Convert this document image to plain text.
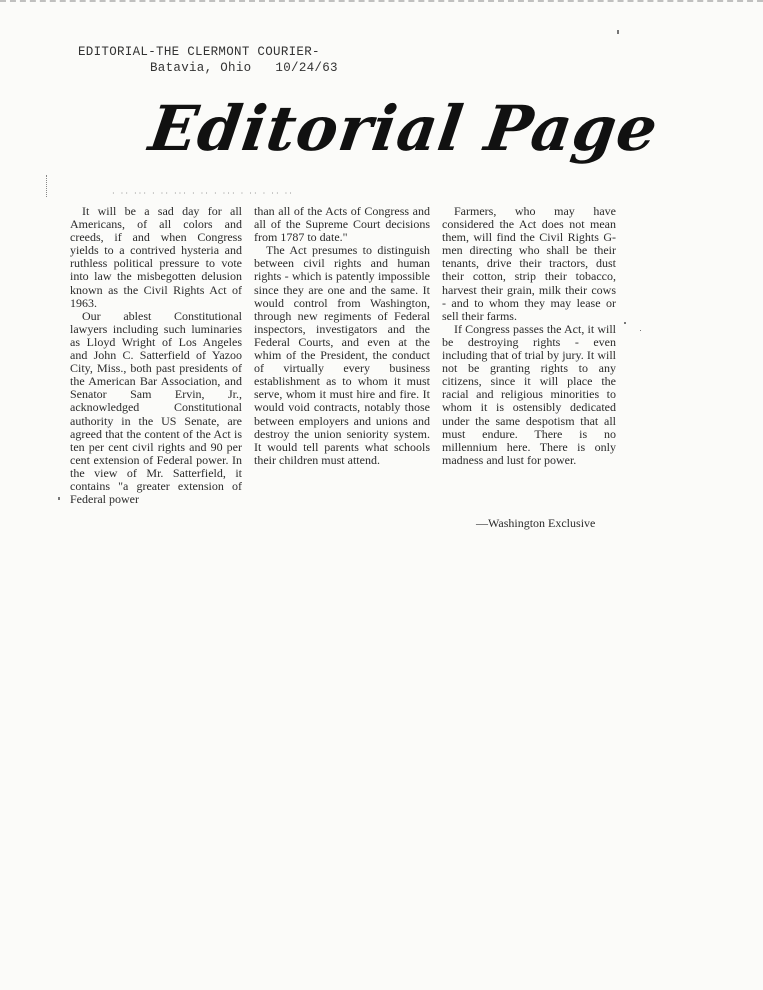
EDITORIAL-THE CLERMONT COURIER-
Batavia, Ohio 10/24/63
Editorial Page
· ·· ··· · ·· ··· · ·· · ··· · ·· · ·· ··

It will be a sad day for all Americans, of all colors and creeds, if and when Congress yields to a contrived hysteria and ruthless political pressure to vote into law the misbegotten delusion known as the Civil Rights Act of 1963.

Our ablest Constitutional lawyers including such luminaries as Lloyd Wright of Los Angeles and John C. Satterfield of Yazoo City, Miss., both past presidents of the American Bar Association, and Senator Sam Ervin, Jr., acknowledged Constitutional authority in the US Senate, are agreed that the content of the Act is ten per cent civil rights and 90 per cent extension of Federal power. In the view of Mr. Satterfield, it contains "a greater extension of Federal power

than all of the Acts of Congress and all of the Supreme Court decisions from 1787 to date."

The Act presumes to distinguish between civil rights and human rights - which is patently impossible since they are one and the same. It would control from Washington, through new regiments of Federal inspectors, investigators and the Federal Courts, and even at the whim of the President, the conduct of virtually every business establishment as to whom it must serve, whom it must hire and fire. It would void contracts, notably those between employers and unions and destroy the union seniority system. It would tell parents what schools their children must attend.

Farmers, who may have considered the Act does not mean them, will find the Civil Rights G-men directing who shall be their tenants, drive their tractors, dust their cotton, strip their tobacco, harvest their grain, milk their cows - and to whom they may lease or sell their farms.

If Congress passes the Act, it will be destroying rights - even including that of trial by jury. It will not be granting rights to any citizens, since it will place the racial and religious minorities to whom it is ostensibly dedicated under the same despotism that all must endure. There is no millennium here. There is only madness and lust for power.

—Washington Exclusive
